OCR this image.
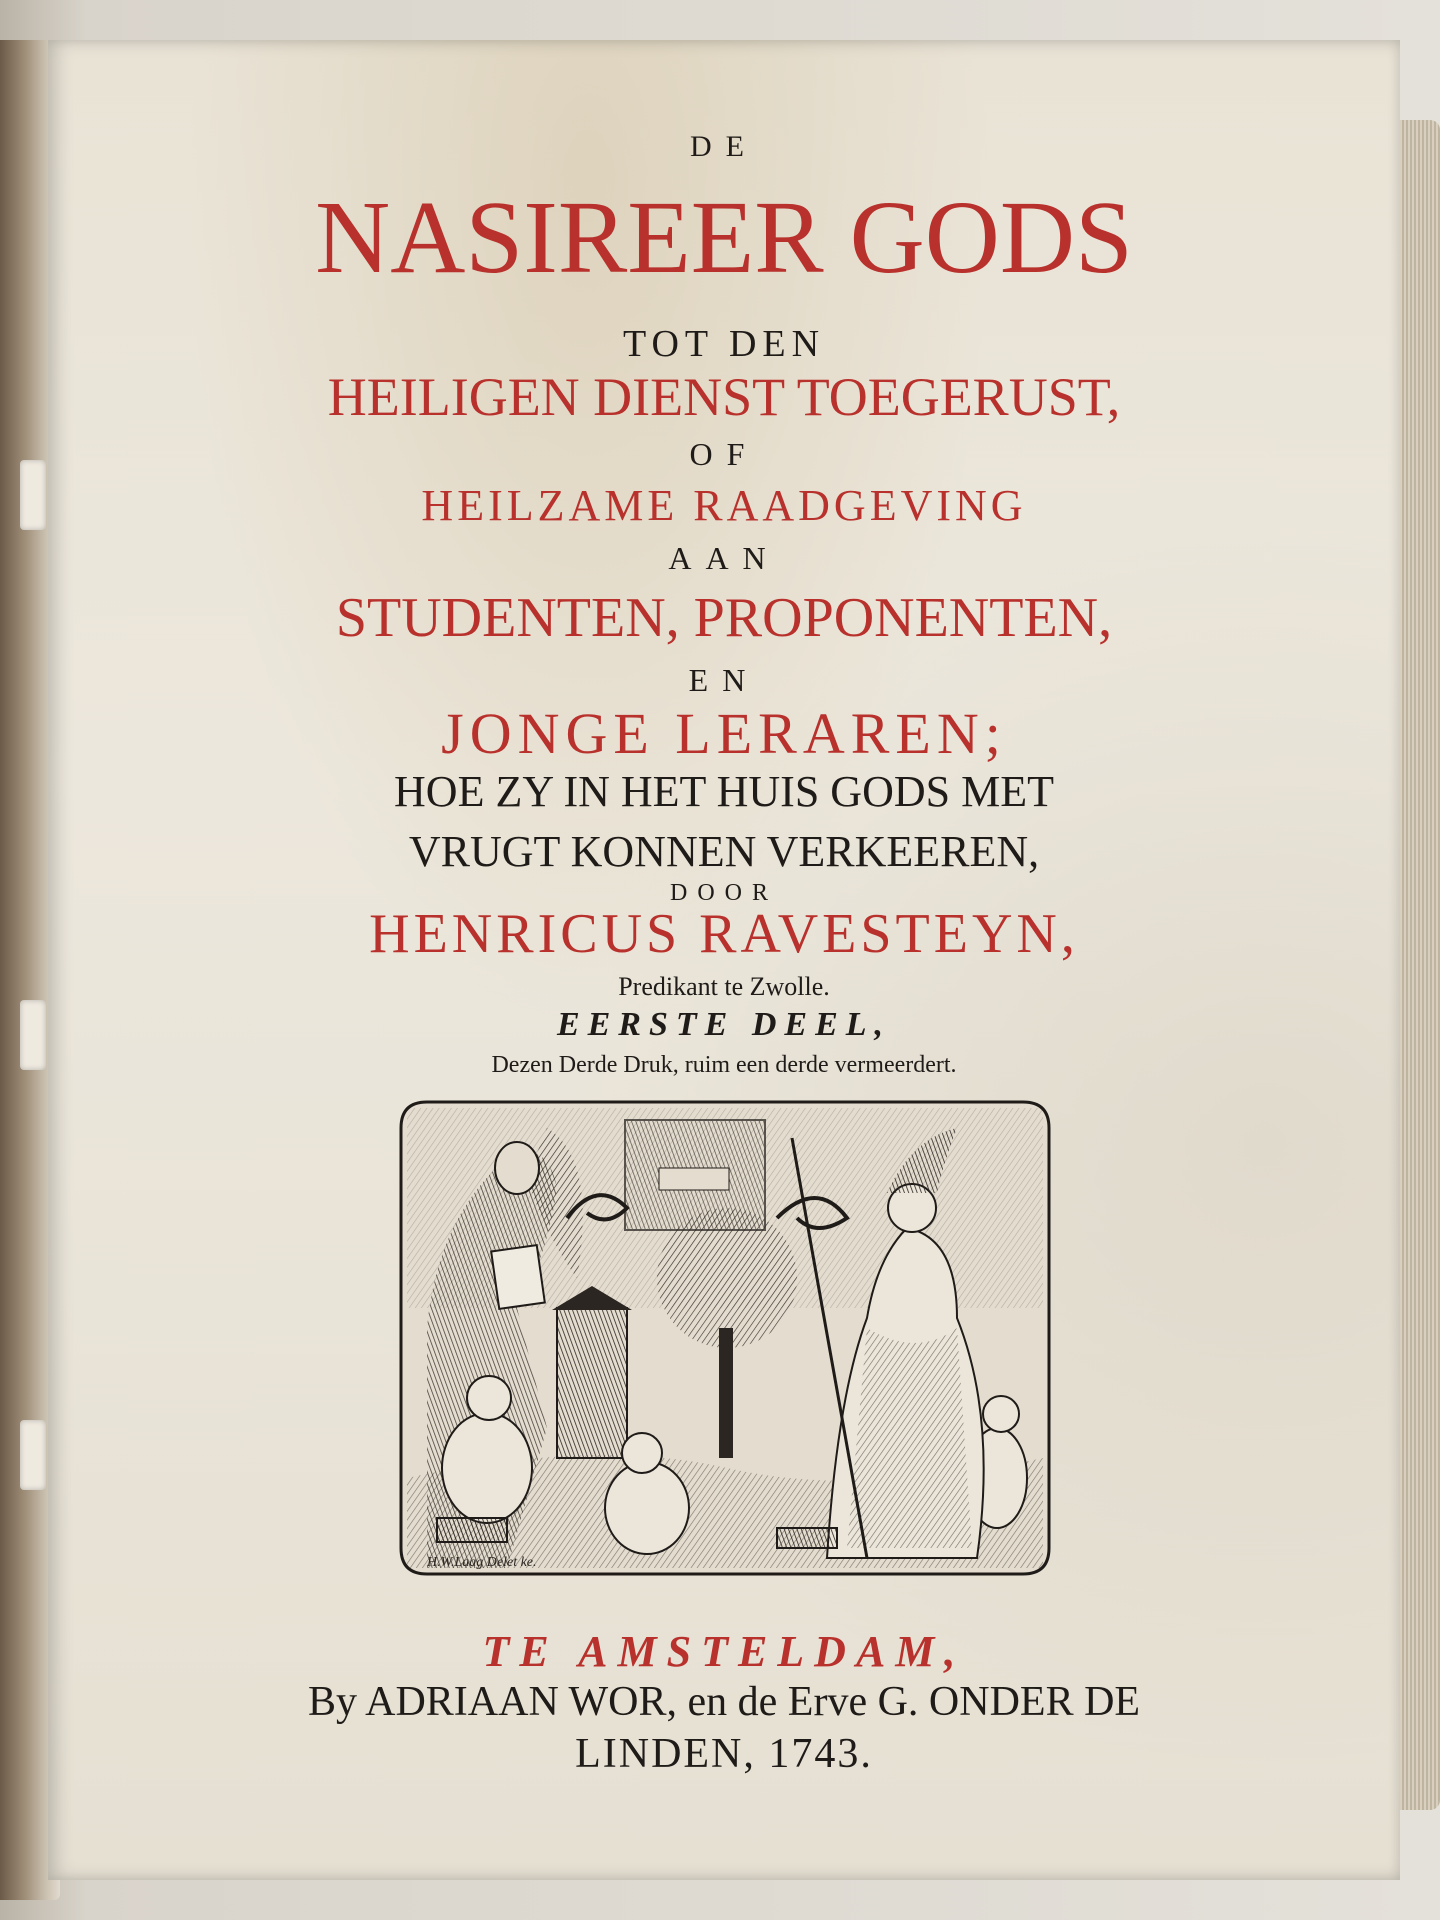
DE

NASIREER GODS

TOT DEN

HEILIGEN DIENST TOEGERUST,

OF

HEILZAME RAADGEVING

AAN

STUDENTEN, PROPONENTEN,

EN

JONGE LERAREN;

HOE ZY IN HET HUIS GODS MET

VRUGT KONNEN VERKEEREN,

DOOR

HENRICUS RAVESTEYN,

Predikant te Zwolle.

EERSTE DEEL,

Dezen Derde Druk, ruim een derde vermeerdert.

H.W.Laag Delet ke.

TE AMSTELDAM,

By ADRIAAN WOR, en de Erve G. ONDER DE

LINDEN, 1743.
